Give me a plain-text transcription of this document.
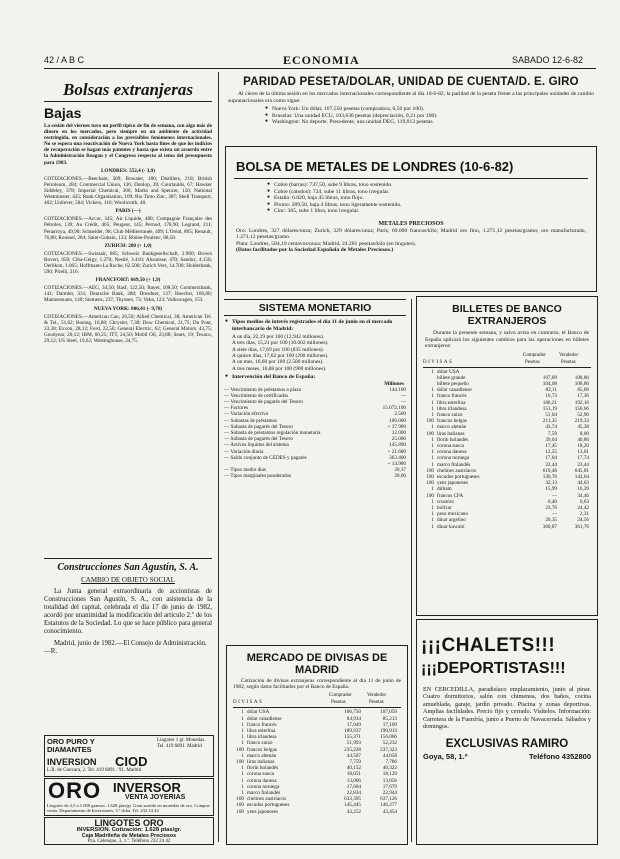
42 / A B C	ECONOMIA	SABADO 12-6-82
Bolsas extranjeras
Bajas

La sesión del viernes tuvo un perfil típico de fin de semana, con algo más de dinero en los mercados, pero siempre en un ambiente de actividad restringida, en consideración a los previsibles fenómenos internacionales. No se espera una reactivación de Nueva York hasta fines de que los indicios de recuperación se hagan más patentes y hasta que exista un acuerdo entre la Administración Reagan y el Congreso respecto al tema del presupuesto para 1983.

LONDRES: 552,4 (- 3,9)

COTIZACIONES.—Beecham, 309; Bowater, 180; Distillers, 218; British Petroleum, 284; Commercial Union, 136; Dunlop, 39; Courtaulds, 67; Hawker Siddeley, 378; Imperial Chemical, 306; Marks and Spencer, 156; National Westminster, 425; Rank Organisation, 109; Rio Tinto Zinc, 387; Shell Transport, 402; Unilever, 584; Vickers, 116; Woolworth, 48.

PARIS (—)

COTIZACIONES.—Accor, 345; Air Liquide, 480; Compagnie Française des Pétroles, 139; Au Crédit, 465; Peugeot, 145; Pernod, 178,90; Legrand, 211; Penarroya, 49,90; Schneider, 98; Club Méditerranée, 499; L'Oréal, 865; Renault, 76,80; Roussel, 284; Saint-Gobain, 133; Rhône-Poulenc, 88,50.

ZURICH: 280 (+ 1,0)

COTIZACIONES.—Swissair, 685; Schweiz Bankgesellschaft, 2.960; Brown Boveri, 950; Ciba-Geigy, 1.270; Nestlé, 3.410; Alusuisse, 470; Sandoz, 4.150; Oerlikon, 1.065; Hoffmann-La Roche, 62.500; Zurich Vers, 14.700; Holderbank, 590; Pirelli, 216.

FRANCFORT: 669,50 (+ 1,9)

COTIZACIONES.—AEG, 34,50; Basf, 122,50; Bayer, 108,50; Commerzbank, 141; Daimler, 331; Deutsche Bank, 280; Dresdner, 137; Hoechst, 106,80; Mannesmann, 140; Siemens, 237; Thyssen, 73; Veba, 123; Volkswagen, 153.

NUEVA YORK: 806,41 (- 9,70)

COTIZACIONES.—American Can, 26,50; Allied Chemical, 38; American Tel. & Tel., 51,62; Boeing, 16,88; Chrysler, 7,38; Dow Chemical, 21,75; Du Pont, 33,38; Exxon, 28,12; Ford, 22,50; General Electric, 62; General Motors, 43,75; Goodyear, 20,12; IBM, 60,25; ITT, 24,50; Mobil Oil, 23,88; Sears, 19; Texaco, 29,12; US Steel, 19,62; Westinghouse, 24,75.

Construcciones San Agustín, S. A.
CAMBIO DE OBJETO SOCIAL

La Junta general extraordinaria de accionistas de Construcciones San Agustín, S. A., con asistencia de la totalidad del capital, celebrada el día 17 de junio de 1982, acordó por unanimidad la modificación del artículo 2.º de los Estatutos de la Sociedad. Lo que se hace público para general conocimiento.

Madrid, junio de 1982.—El Consejo de Administración.—R.

ORO PURO Y DIAMANTES
INVERSION CIOD
Lingotes 1 gr. Monedas. Tel. 419 6891. Madrid
L.R. de Guevara, 2. Tel. 419 6891 / 91. Madrid
ORO INVERSOR
VENTA JOYERIAS
Lingotes de 2,5 a 1.000 gramos. 1.628 ptas/gr. Gran surtido en monedas de oro. Compra-venta. Departamento de Inversiones, 3.º dcha. Tel. 232 24 42
LINGOTES ORO
INVERSION. Cotización: 1.628 ptas/gr.
Caja Madrileña de Metales Preciosos
Pza. Celenque, 3, 1.º. Teléfono 232 24 42
PARIDAD PESETA/DOLAR, UNIDAD DE CUENTA/D. E. GIRO

Al cierre de la última sesión en los mercados internacionales correspondiente al día 10-6-82, la paridad de la peseta frente a las principales unidades de cambio supranacionales era como sigue:

● Nueva York: Un dólar, 107,550 pesetas (compradora, 0,50 por 100).
● Bruselas: Una unidad ECU, 103,630 pesetas (depreciación, 0,21 por 100).
● Washington: No deporte. Precedente, una unidad DEG, 119,013 pesetas.
BOLSA DE METALES DE LONDRES (10-6-82)
● Cobre (barras): 737,50, sube 9 libras, tono sostenido.
● Cobre (cátodos): 724, sube 11 libras, tono irregular.
● Estaño: 6.020, baja 45 libras, tono flojo.
● Plomo: 289,50, baja 4 libras, tono ligeramente sostenido.
● Cinc: 365, sube 1 libra, tono irregular.
METALES PRECIOSOS

Oro: Londres, 327 dólares/onza; Zurich, 329 dólares/onza; París, 69.000 francos/kilo; Madrid oro fino, 1.271,12 pesetas/gramo; oro manufacturado, 1.271,12 pesetas/gramo.

Plata: Londres, 504,10 centavos/onza; Madrid, 24.201 pesetas/kilo (en lingotes).

(Datos facilitados por la Sociedad Española de Metales Preciosos.)

SISTEMA MONETARIO
● Tipos medios de interés registrados el día 11 de junio en el mercado interbancario de Madrid:
A un día, 22,19 por 100 (12.942 millones).
A tres días, 15,21 por 100 (10.602 millones).
A siete días, 17,69 por 100 (835 millones).
A quince días, 17,62 por 100 (200 millones).
A un mes, 16,60 por 100 (2.500 millones).
A tres meses, 16,88 por 100 (900 millones).
● Intervención del Banco de España:
Millones
— Vencimiento de préstamos a plazo	144.100
— Vencimiento de certificados	—
— Vencimiento de pagarés del Tesoro	—
— Factores	15.072,100
— Variación efectivo	2.500
— Subastas de préstamos	106.000
— Subasta de pagarés del Tesoro	+ 37.900
— Subasta de préstamos regulación monetaria	12.000
— Subasta de pagarés del Tesoro	25.000
— Activos líquidos del sistema	145.890
— Variación diaria	+ 21.600
— Saldo conjunto de CEDES y pagarés	363.400
	+ 14.900
— Tipos medio dias	20,37
— Tipos marginales ponderados	20,66
MERCADO DE DIVISAS DE MADRID

Cotización de divisas extranjeras correspondiente al día 11 de junio de 1982, según datos facilitados por el Banco de España.

DIVISAS
Comprador	Vendedor
Pesetas	Pesetas
1	dólar USA	106,750	107,059
1	dólar canadiense	84,934	85,213
1	franco francés	17,049	17,109
1	libra esterlina	189,937	190,813
1	libra irlandesa	155,371	156,066
1	franco suizo	51,993	52,232
100	francos belgas	235,228	237,323
1	marco alemán	44,507	44,658
100	liras italianas	7,759	7,786
1	florín holandés	40,152	40,322
1	corona sueca	18,051	18,129
1	corona danesa	13,006	13,056
1	corona noruega	17,604	17,679
1	marco finlandés	22,834	22,944
100	chelines austríacos	633,395	637,126
100	escudos portugueses	145,445	146,277
100	yens japoneses	43,252	43,454
BILLETES DE BANCO EXTRANJEROS

Durante la presente semana, y salvo aviso en contrario, el Banco de España aplicará los siguientes cambios para las operaciones en billetes extranjeros:

DIVISAS
Comprador	Vendedor
Pesetas	Pesetas
1	dólar USA		
	billete grande	107,09	108,86
	billete pequeño	104,08	108,86
1	dólar canadiense	82,11	85,66
1	franco francés	16,73	17,36
1	libra esterlina	186,21	192,16
1	libra irlandesa	151,19	156,66
1	franco suizo	51,04	52,90
100	francos belgas	211,35	219,33
1	marco alemán	43,74	45,38
100	liras italianas	7,59	8,00
1	florín holandés	39,04	40,86
1	corona sueca	17,45	18,20
1	corona danesa	12,55	13,01
1	corona noruega	17,04	17,74
1	marco finlandés	22,44	23,44
100	chelines austríacos	619,48	645,81
100	escudos portugueses	130,76	142,64
100	yens japoneses	42,13	44,63
1	dirham	15,99	16,39
100	francos CFA	—	34,46
1	cruzeiro	0,40	0,63
1	bolívar	23,76	24,42
1	peso mexicano	—	2,31
1	dinar argelino	20,35	24,56
1	dinar kuwaití	360,87	361,76
¡¡¡CHALETS!!!
¡¡¡DEPORTISTAS!!!

EN CERCEDILLA, paradisíaco emplazamiento, junto al pinar. Cuatro dormitorios, salón con chimenea, dos baños, cocina amueblada, garaje, jardín privado. Piscina y zonas deportivas. Amplias facilidades. Precio fijo y cerrado. Visítelos. Información: Carretera de la Fuenfría, junto a Puerto de Navacerrada. Sábados y domingos.

EXCLUSIVAS RAMIRO
Goya, 58, 1.º	Teléfono 4352800
